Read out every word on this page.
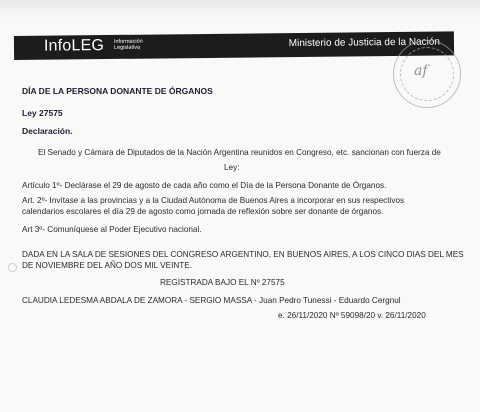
InfoLEG Información Legislativa	Ministerio de Justicia de la Nación
af
DÍA DE LA PERSONA DONANTE DE ÓRGANOS
Ley 27575
Declaración.
El Senado y Cámara de Diputados de la Nación Argentina reunidos en Congreso, etc. sancionan con fuerza de
Ley:
Artículo 1º- Declárase el 29 de agosto de cada año como el Día de la Persona Donante de Órganos.
Art. 2º- Invítase a las provincias y a la Ciudad Autónoma de Buenos Aires a incorporar en sus respectivos
calendarios escolares el día 29 de agosto como jornada de reflexión sobre ser donante de órganos.
Art 3º- Comuníquese al Poder Ejecutivo nacional.
DADA EN LA SALA DE SESIONES DEL CONGRESO ARGENTINO, EN BUENOS AIRES, A LOS CINCO DIAS DEL MES
DE NOVIEMBRE DEL AÑO DOS MIL VEINTE.
REGISTRADA BAJO EL Nº 27575
CLAUDIA LEDESMA ABDALA DE ZAMORA - SERGIO MASSA - Juan Pedro Tunessi - Eduardo Cergnul
e. 26/11/2020 Nº 59098/20 v. 26/11/2020
